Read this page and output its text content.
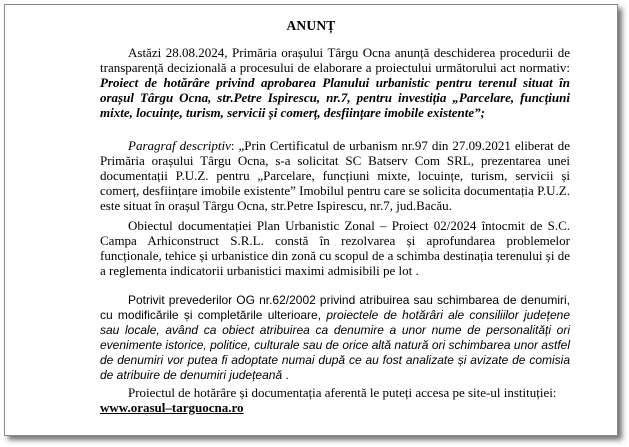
ANUNȚ

Astăzi 28.08.2024, Primăria orașului Târgu Ocna anunță deschiderea procedurii de transparență decizională a procesului de elaborare a proiectului următorului act normativ: Proiect de hotărâre privind aprobarea Planului urbanistic pentru terenul situat în orașul Târgu Ocna, str.Petre Ispirescu, nr.7, pentru investiția „Parcelare, funcțiuni mixte, locuințe, turism, servicii și comerț, desființare imobile existente”;

Paragraf descriptiv: „Prin Certificatul de urbanism nr.97 din 27.09.2021 eliberat de Primăria orașului Târgu Ocna, s-a solicitat SC Batserv Com SRL, prezentarea unei documentații P.U.Z. pentru „Parcelare, funcțiuni mixte, locuințe, turism, servicii și comerț, desființare imobile existente” Imobilul pentru care se solicita documentația P.U.Z. este situat în orașul Târgu Ocna, str.Petre Ispirescu, nr.7, jud.Bacău.

Obiectul documentației Plan Urbanistic Zonal – Proiect 02/2024 întocmit de S.C. Campa Arhiconstruct S.R.L. constă în rezolvarea și aprofundarea problemelor funcționale, tehice și urbanistice din zonă cu scopul de a schimba destinația terenului și de a reglementa indicatorii urbanistici maximi admisibili pe lot .

Potrivit prevederilor OG nr.62/2002 privind atribuirea sau schimbarea de denumiri, cu modificările și completările ulterioare, proiectele de hotărâri ale consiliilor județene sau locale, având ca obiect atribuirea ca denumire a unor nume de personalități ori evenimente istorice, politice, culturale sau de orice altă natură ori schimbarea unor astfel de denumiri vor putea fi adoptate numai după ce au fost analizate și avizate de comisia de atribuire de denumiri județeană .

Proiectul de hotărâre și documentația aferentă le puteți accesa pe site-ul instituției:
www.orasul–targuocna.ro
